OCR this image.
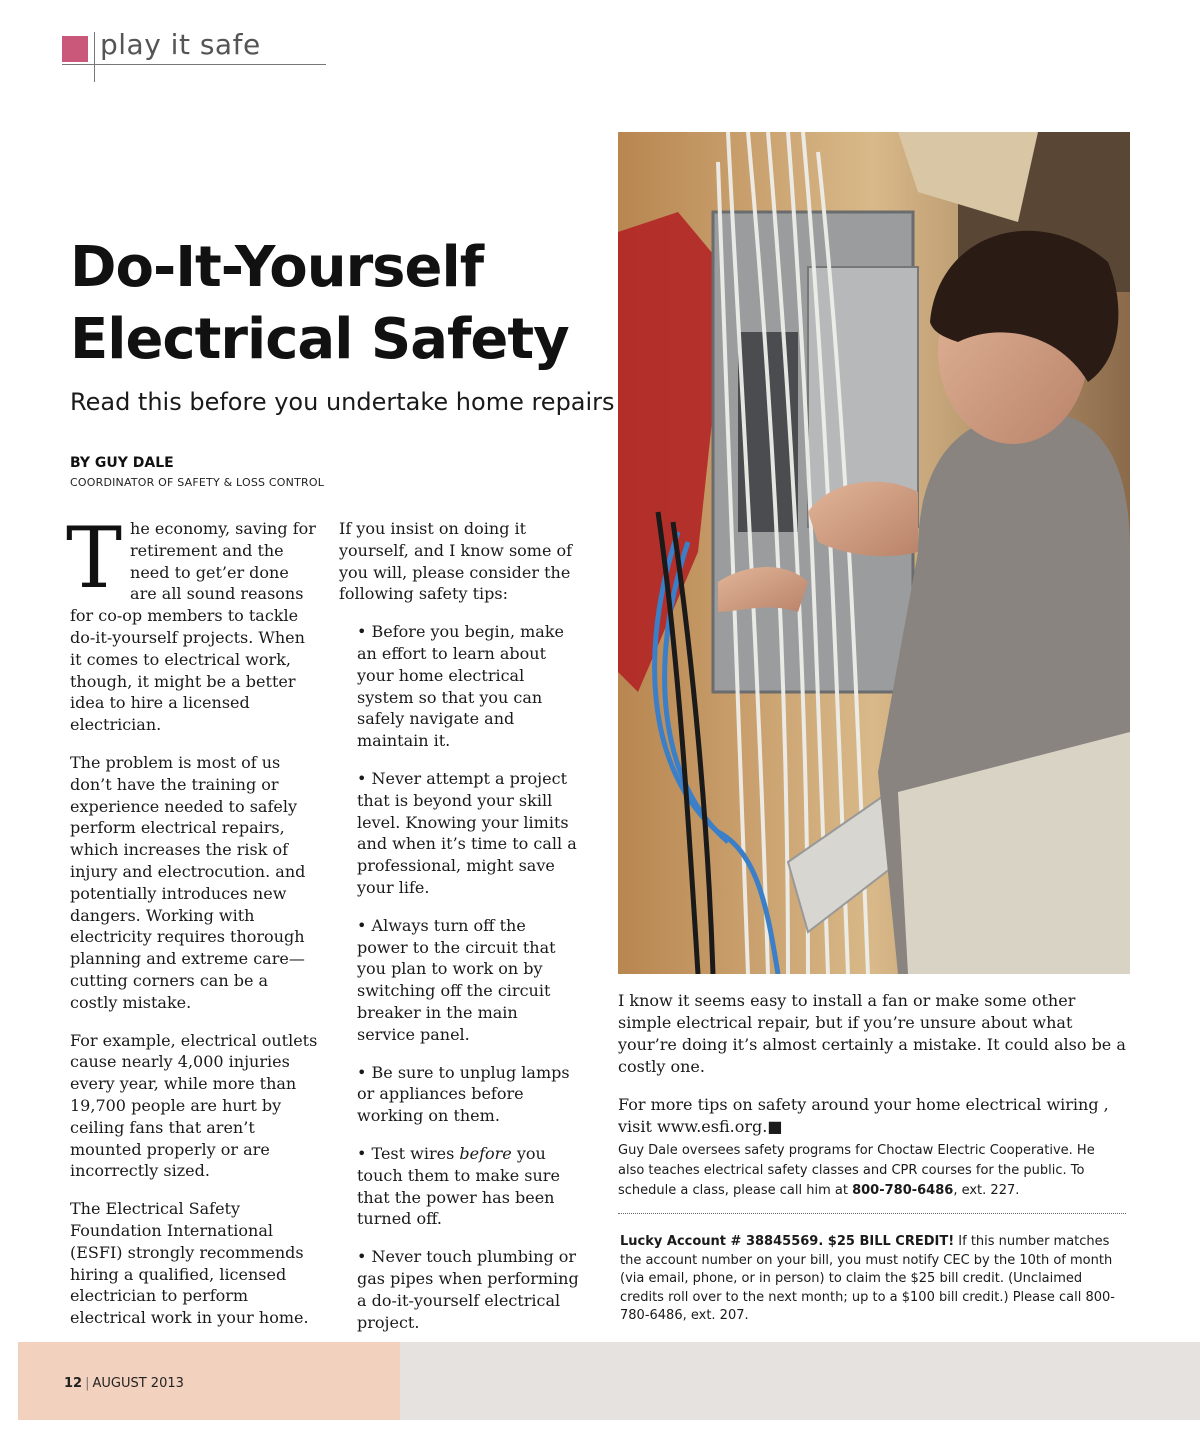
play it safe
Do-It-Yourself
Electrical Safety
Read this before you undertake home repairs
BY GUY DALE
COORDINATOR OF SAFETY & LOSS CONTROL

The economy, saving for retirement and the need to get’er done are all sound reasons for co-op members to tackle do-it-yourself projects. When it comes to electrical work, though, it might be a better idea to hire a licensed electrician.

The problem is most of us don’t have the training or experience needed to safely perform electrical repairs, which increases the risk of injury and electrocution. and potentially introduces new dangers. Working with electricity requires thorough planning and extreme care—cutting corners can be a costly mistake.

For example, electrical outlets cause nearly 4,000 injuries every year, while more than 19,700 people are hurt by ceiling fans that aren’t mounted properly or are incorrectly sized.

The Electrical Safety Foundation International (ESFI) strongly recommends hiring a qualified, licensed electrician to perform electrical work in your home.

If you insist on doing it yourself, and I know some of you will, please consider the following safety tips:

• Before you begin, make an effort to learn about your home electrical system so that you can safely navigate and maintain it.

• Never attempt a project that is beyond your skill level. Knowing your limits and when it’s time to call a professional, might save your life.

• Always turn off the power to the circuit that you plan to work on by switching off the circuit breaker in the main service panel.

• Be sure to unplug lamps or appliances before working on them.

• Test wires before you touch them to make sure that the power has been turned off.

• Never touch plumbing or gas pipes when performing a do-it-yourself electrical project.

I know it seems easy to install a fan or make some other simple electrical repair, but if you’re unsure about what your’re doing it’s almost certainly a mistake. It could also be a costly one.

For more tips on safety around your home electrical wiring , visit www.esfi.org.■

Guy Dale oversees safety programs for Choctaw Electric Cooperative. He also teaches electrical safety classes and CPR courses for the public. To schedule a class, please call him at 800-780-6486, ext. 227.
Lucky Account # 38845569. $25 BILL CREDIT! If this number matches the account number on your bill, you must notify CEC by the 10th of month (via email, phone, or in person) to claim the $25 bill credit. (Unclaimed credits roll over to the next month; up to a $100 bill credit.) Please call 800-780-6486, ext. 207.
12 | AUGUST 2013
